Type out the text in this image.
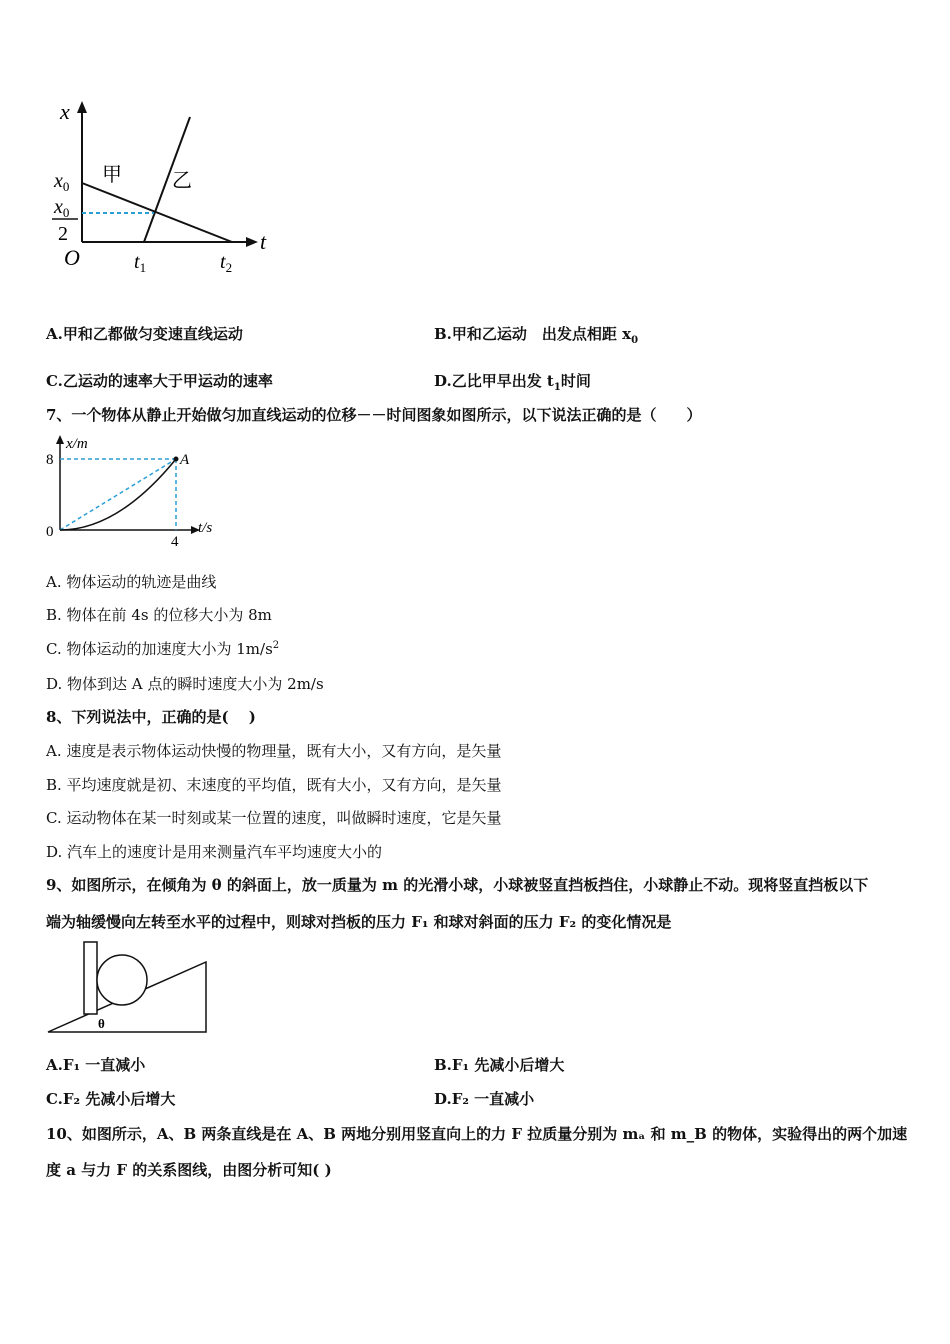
x
t
$x_0$
$x_0$
2
O	$t_1$	$t_2$
甲	乙
A.甲和乙都做匀变速直线运动	B.甲和乙运动　出发点相距 $x_0$
C.乙运动的速率大于甲运动的速率	D.乙比甲早出发 $t_1$时间
7、一个物体从静止开始做匀加直线运动的位移－－时间图象如图所示，以下说法正确的是（　　）
x/m
t/s
8
0
4
A
A. 物体运动的轨迹是曲线
B. 物体在前 4s 的位移大小为 8m
C. 物体运动的加速度大小为 $1m/s^2$
D. 物体到达 A 点的瞬时速度大小为 2m/s
8、下列说法中，正确的是(　 )
A. 速度是表示物体运动快慢的物理量，既有大小，又有方向，是矢量
B. 平均速度就是初、末速度的平均值，既有大小，又有方向，是矢量
C. 运动物体在某一时刻或某一位置的速度，叫做瞬时速度，它是矢量
D. 汽车上的速度计是用来测量汽车平均速度大小的
9、如图所示，在倾角为 θ 的斜面上，放一质量为 m 的光滑小球，小球被竖直挡板挡住，小球静止不动。现将竖直挡板以下
端为轴缓慢向左转至水平的过程中，则球对挡板的压力 F₁ 和球对斜面的压力 F₂ 的变化情况是
θ
A.F₁ 一直减小	B.F₁ 先减小后增大
C.F₂ 先减小后增大	D.F₂ 一直减小
10、如图所示，A、B 两条直线是在 A、B 两地分别用竖直向上的力 F 拉质量分别为 mₐ 和 m_B 的物体，实验得出的两个加速
度 a 与力 F 的关系图线，由图分析可知( )
